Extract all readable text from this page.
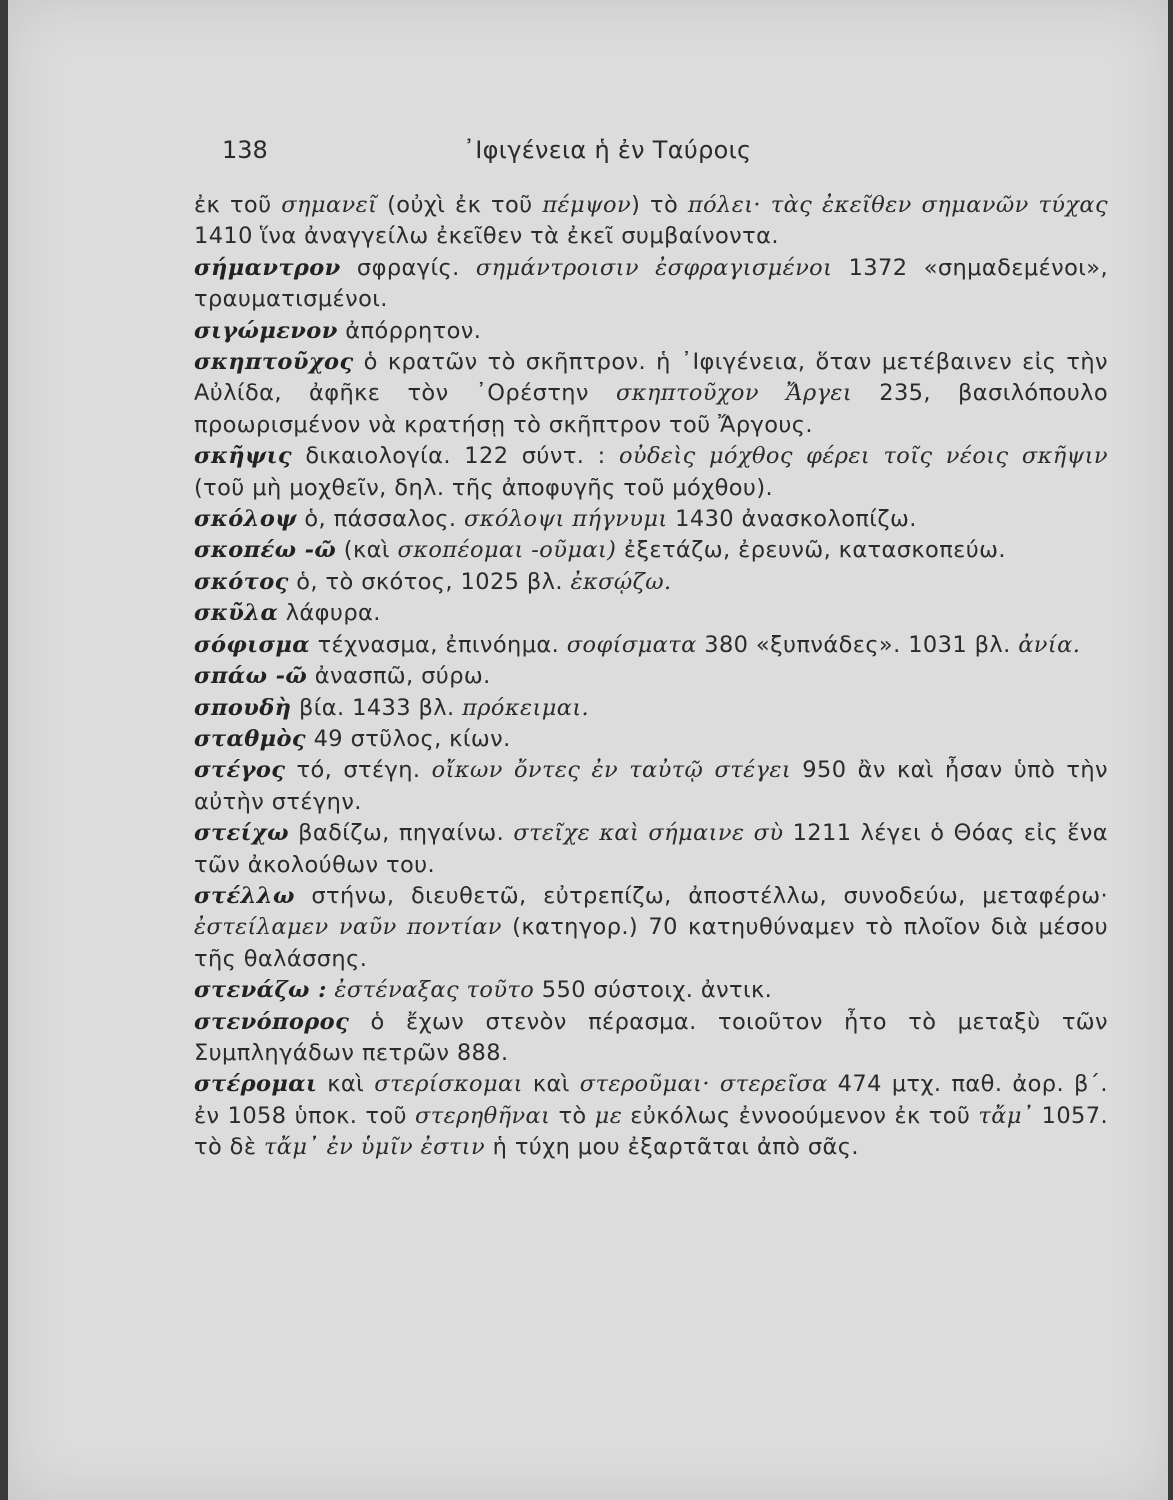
138	᾿Ιφιγένεια ἡ ἐν Ταύροις

ἐκ τοῦ σημανεῖ (οὐχὶ ἐκ τοῦ πέμψον) τὸ πόλει· τὰς ἐκεῖθεν σημανῶν τύχας 1410 ἵνα ἀναγγείλω ἐκεῖθεν τὰ ἐκεῖ συμβαίνοντα.

σήμαντρον σφραγίς. σημάντροισιν ἐσφραγισμένοι 1372 «σημαδεμένοι», τραυματισμένοι.

σιγώμενον ἀπόρρητον.

σκηπτοῦχος ὁ κρατῶν τὸ σκῆπτρον. ἡ ᾿Ιφιγένεια, ὅταν μετέβαινεν εἰς τὴν Αὐλίδα, ἀφῆκε τὸν ᾿Ορέστην σκηπτοῦχον Ἄργει 235, βασιλόπουλο προωρισμένον νὰ κρατήσῃ τὸ σκῆπτρον τοῦ Ἄργους.

σκῆψις δικαιολογία. 122 σύντ. : οὐδεὶς μόχθος φέρει τοῖς νέοις σκῆψιν (τοῦ μὴ μοχθεῖν, δηλ. τῆς ἀποφυγῆς τοῦ μόχθου).

σκόλοψ ὁ, πάσσαλος. σκόλοψι πήγνυμι 1430 ἀνασκολοπίζω.

σκοπέω -ῶ (καὶ σκοπέομαι -οῦμαι) ἐξετάζω, ἐρευνῶ, κατασκοπεύω.

σκότος ὁ, τὸ σκότος, 1025 βλ. ἐκσῴζω.

σκῦλα λάφυρα.

σόφισμα τέχνασμα, ἐπινόημα. σοφίσματα 380 «ξυπνάδες». 1031 βλ. ἀνία.

σπάω -ῶ ἀνασπῶ, σύρω.

σπουδὴ βία. 1433 βλ. πρόκειμαι.

σταθμὸς 49 στῦλος, κίων.

στέγος τό, στέγη. οἴκων ὄντες ἐν ταὐτῷ στέγει 950 ἂν καὶ ἦσαν ὑπὸ τὴν αὐτὴν στέγην.

στείχω βαδίζω, πηγαίνω. στεῖχε καὶ σήμαινε σὺ 1211 λέγει ὁ Θόας εἰς ἕνα τῶν ἀκολούθων του.

στέλλω στήνω, διευθετῶ, εὐτρεπίζω, ἀποστέλλω, συνοδεύω, μεταφέρω· ἐστείλαμεν ναῦν ποντίαν (κατηγορ.) 70 κατηυθύναμεν τὸ πλοῖον διὰ μέσου τῆς θαλάσσης.

στενάζω : ἐστέναξας τοῦτο 550 σύστοιχ. ἀντικ.

στενόπορος ὁ ἔχων στενὸν πέρασμα. τοιοῦτον ἦτο τὸ μεταξὺ τῶν Συμπληγάδων πετρῶν 888.

στέρομαι καὶ στερίσκομαι καὶ στεροῦμαι· στερεῖσα 474 μτχ. παθ. ἀορ. β΄. ἐν 1058 ὑποκ. τοῦ στερηθῆναι τὸ με εὐκόλως ἐννοούμενον ἐκ τοῦ τἄμ᾿ 1057. τὸ δὲ τἄμ᾿ ἐν ὑμῖν ἐστιν ἡ τύχη μου ἐξαρτᾶται ἀπὸ σᾶς.
